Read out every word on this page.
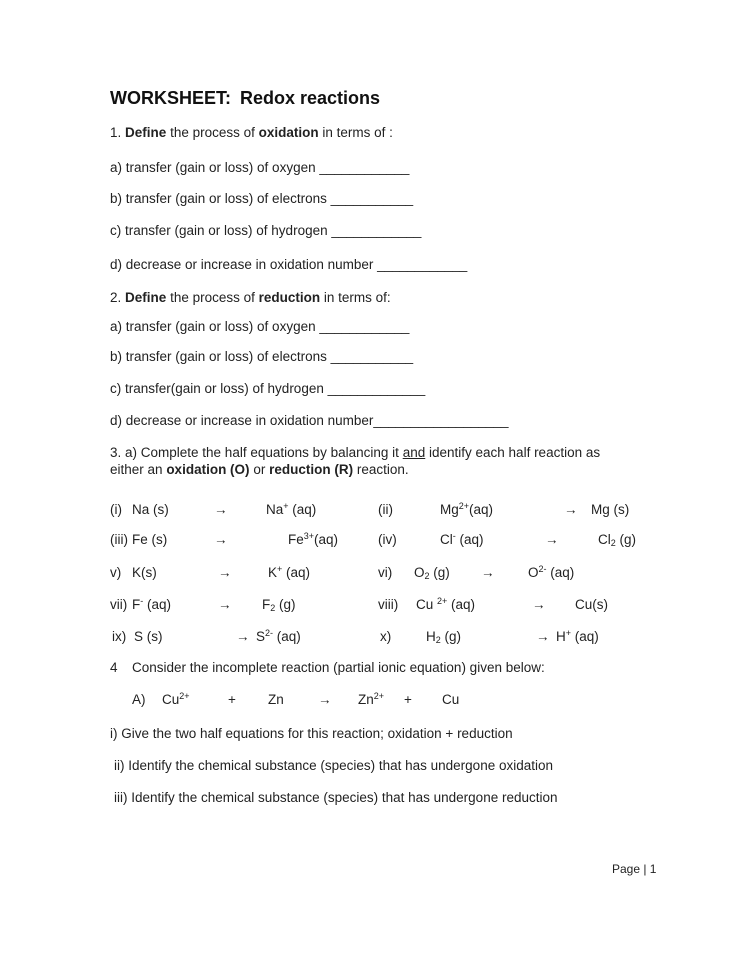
WORKSHEET: Redox reactions
1. Define the process of oxidation in terms of :
a) transfer (gain or loss) of oxygen ____________
b) transfer (gain or loss) of electrons ___________
c) transfer (gain or loss) of hydrogen ____________
d) decrease or increase in oxidation number ____________
2. Define the process of reduction in terms of:
a) transfer (gain or loss) of oxygen ____________
b) transfer (gain or loss) of electrons ___________
c) transfer(gain or loss) of hydrogen _____________
d) decrease or increase in oxidation number__________________
3. a) Complete the half equations by balancing it and identify each half reaction as
either an oxidation (O) or reduction (R) reaction.
(i) Na (s)	→	Na+ (aq)	(ii)	$Mg^{2+}(aq)$	→ Mg (s)
(iii) Fe (s)	→	$Fe^{3+}(aq)$	(iv)	Cl- (aq)	→	$Cl_2$ (g)
v) K(s)	→	K+ (aq)	vi) $O_2$ $(g) \to O^{2-}$ (aq)
vii) F- (aq)	→ $F_2$ (g)	viii) Cu $^{2+}$ (aq)	→ Cu(s)
ix) S (s)	→ $S^{2-}$ (aq)	x)	$H_2$ (g)	→ H+ (aq)
4 Consider the incomplete reaction (partial ionic equation) given below:
A) $Cu^{2+}$	+ Zn	→ $Zn^{2+} + Cu$
i) Give the two half equations for this reaction; oxidation + reduction
ii) Identify the chemical substance (species) that has undergone oxidation
iii) Identify the chemical substance (species) that has undergone reduction
Page | 1
